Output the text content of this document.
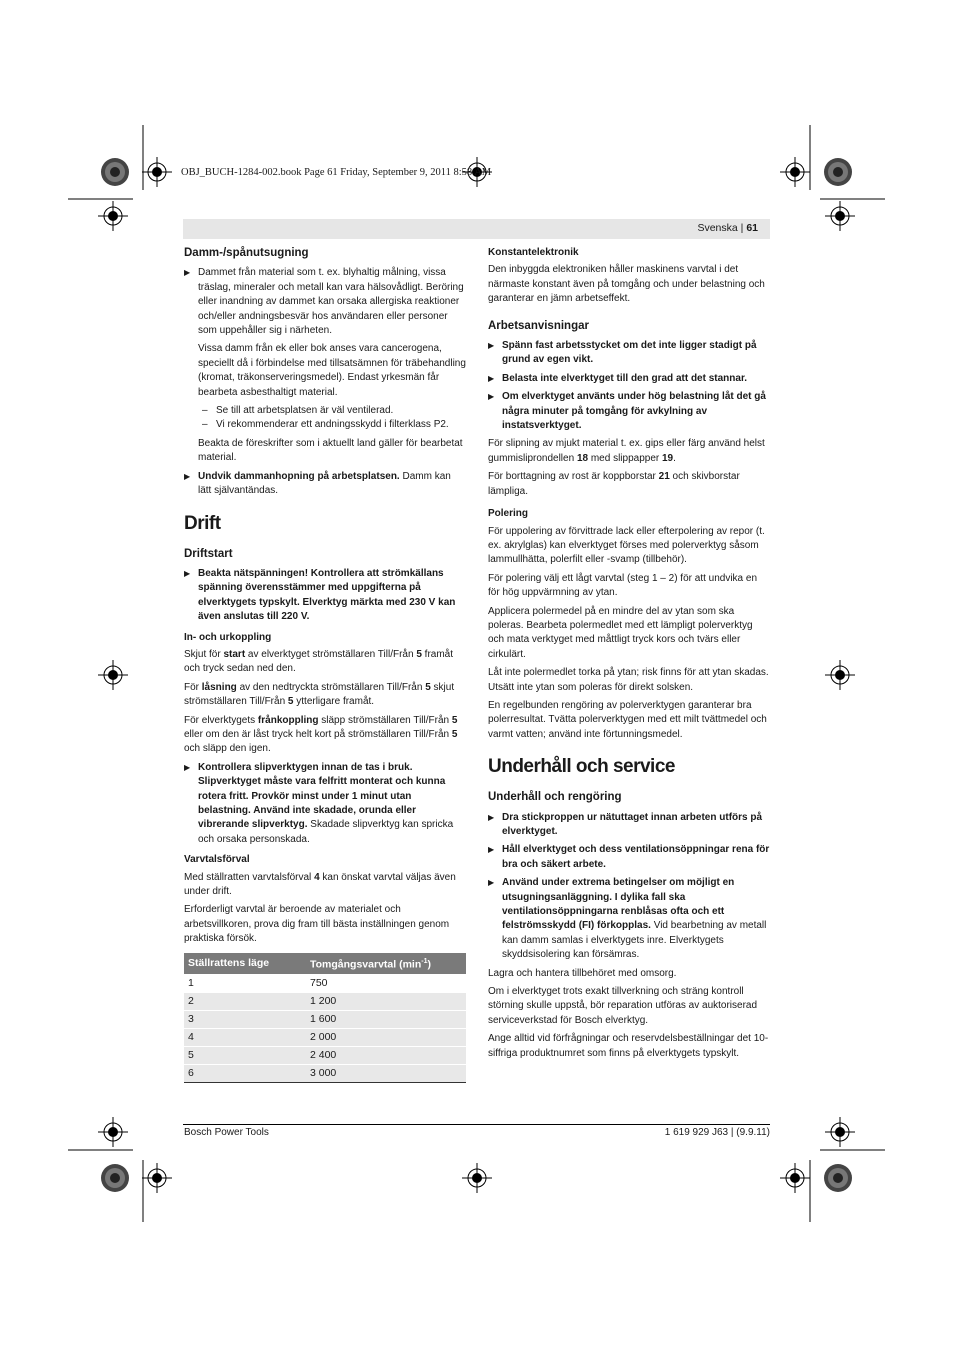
OBJ_BUCH-1284-002.book Page 61 Friday, September 9, 2011 8:58 AM
Svenska | 61
Damm-/spånutsugning
▶ Dammet från material som t. ex. blyhaltig målning, vissa träslag, mineraler och metall kan vara hälsovådligt. Beröring eller inandning av dammet kan orsaka allergiska reaktioner och/eller andningsbesvär hos användaren eller personer som uppehåller sig i närheten.

Vissa damm från ek eller bok anses vara cancerogena, speciellt då i förbindelse med tillsatsämnen för träbehandling (kromat, träkonserveringsmedel). Endast yrkesmän får bearbeta asbesthaltigt material.

– Se till att arbetsplatsen är väl ventilerad.

– Vi rekommenderar ett andningsskydd i filterklass P2.

Beakta de föreskrifter som i aktuellt land gäller för bearbetat material.

▶ Undvik dammanhopning på arbetsplatsen. Damm kan lätt självantändas.
Drift
Driftstart
▶ Beakta nätspänningen! Kontrollera att strömkällans spänning överensstämmer med uppgifterna på elverktygets typskylt. Elverktyg märkta med 230 V kan även anslutas till 220 V.
In- och urkoppling

Skjut för start av elverktyget strömställaren Till/Från 5 framåt och tryck sedan ned den.

För låsning av den nedtryckta strömställaren Till/Från 5 skjut strömställaren Till/Från 5 ytterligare framåt.

För elverktygets frånkoppling släpp strömställaren Till/Från 5 eller om den är låst tryck helt kort på strömställaren Till/Från 5 och släpp den igen.

▶ Kontrollera slipverktygen innan de tas i bruk. Slipverktyget måste vara felfritt monterat och kunna rotera fritt. Provkör minst under 1 minut utan belastning. Använd inte skadade, orunda eller vibrerande slipverktyg. Skadade slipverktyg kan spricka och orsaka personskada.
Varvtalsförval

Med ställratten varvtalsförval 4 kan önskat varvtal väljas även under drift.

Erforderligt varvtal är beroende av materialet och arbetsvillkoren, prova dig fram till bästa inställningen genom praktiska försök.

Ställrattens läge	Tomgångsvarvtal $(\min^{-1})$
1	750
2	1 200
3	1 600
4	2 000
5	2 400
6	3 000
Konstantelektronik

Den inbyggda elektroniken håller maskinens varvtal i det närmaste konstant även på tomgång och under belastning och garanterar en jämn arbetseffekt.

Arbetsanvisningar
▶ Spänn fast arbetsstycket om det inte ligger stadigt på grund av egen vikt.
▶ Belasta inte elverktyget till den grad att det stannar.
▶ Om elverktyget använts under hög belastning låt det gå några minuter på tomgång för avkylning av instatsverktyget.

För slipning av mjukt material t. ex. gips eller färg använd helst gummisliprondellen 18 med slippapper 19.

För borttagning av rost är koppborstar 21 och skivborstar lämpliga.

Polering

För uppolering av förvittrade lack eller efterpolering av repor (t. ex. akrylglas) kan elverktyget förses med polerverktyg såsom lammullhätta, polerfilt eller -svamp (tillbehör).

För polering välj ett lågt varvtal (steg 1 – 2) för att undvika en för hög uppvärmning av ytan.

Applicera polermedel på en mindre del av ytan som ska poleras. Bearbeta polermedlet med ett lämpligt polerverktyg och mata verktyget med måttligt tryck kors och tvärs eller cirkulärt.

Låt inte polermedlet torka på ytan; risk finns för att ytan skadas. Utsätt inte ytan som poleras för direkt solsken.

En regelbunden rengöring av polerverktygen garanterar bra polerresultat. Tvätta polerverktygen med ett milt tvättmedel och varmt vatten; använd inte förtunningsmedel.

Underhåll och service
Underhåll och rengöring
▶ Dra stickproppen ur nätuttaget innan arbeten utförs på elverktyget.
▶ Håll elverktyget och dess ventilationsöppningar rena för bra och säkert arbete.
▶ Använd under extrema betingelser om möjligt en utsugningsanläggning. I dylika fall ska ventilationsöppningarna renblåsas ofta och ett felströmsskydd (FI) förkopplas. Vid bearbetning av metall kan damm samlas i elverktygets inre. Elverktygets skyddsisolering kan försämras.

Lagra och hantera tillbehöret med omsorg.

Om i elverktyget trots exakt tillverkning och sträng kontroll störning skulle uppstå, bör reparation utföras av auktoriserad serviceverkstad för Bosch elverktyg.

Ange alltid vid förfrågningar och reservdelsbeställningar det 10-siffriga produktnumret som finns på elverktygets typskylt.

Bosch Power Tools	1 619 929 J63 | (9.9.11)
